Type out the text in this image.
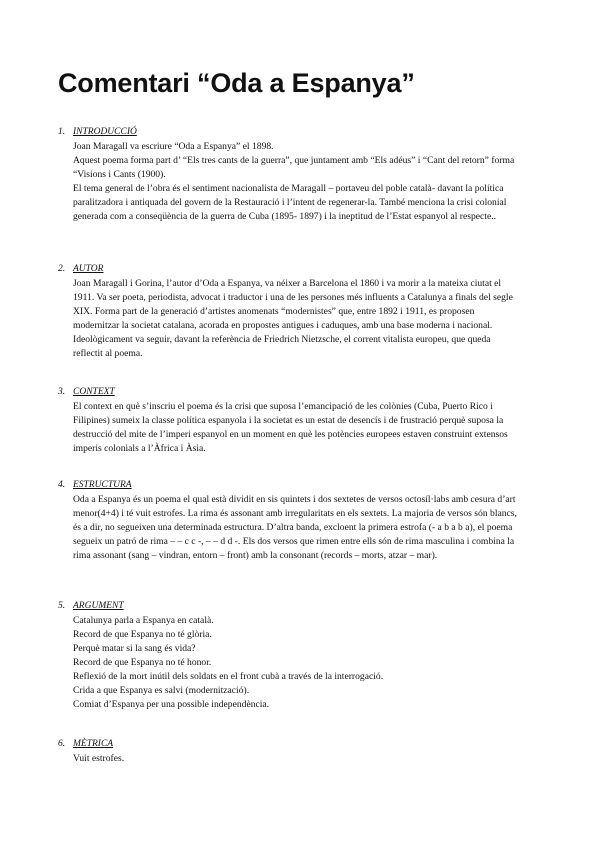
Comentari “Oda a Espanya”
1. INTRODUCCIÓ

Joan Maragall va escriure “Oda a Espanya” el 1898.

Aquest poema forma part d’ “Els tres cants de la guerra”, que juntament amb “Els adéus” i “Cant del retorn” forma “Visions i Cants (1900).

El tema general de l’obra és el sentiment nacionalista de Maragall – portaveu del poble català- davant la política paralitzadora i antiquada del govern de la Restauració i l’intent de regenerar-la. També menciona la crisi colonial generada com a conseqüència de la guerra de Cuba (1895- 1897) i la ineptitud de l’Estat espanyol al respecte..

2. AUTOR

Joan Maragall i Gorina, l’autor d’Oda a Espanya, va néixer a Barcelona el 1860 i va morir a la mateixa ciutat el 1911. Va ser poeta, periodista, advocat i traductor i una de les persones més influents a Catalunya a finals del segle XIX. Forma part de la generació d’artistes anomenats “modernistes” que, entre 1892 i 1911, es proposen modernitzar la societat catalana, acorada en propostes antigues i caduques, amb una base moderna i nacional. Ideològicament va seguir, davant la referència de Friedrich Nietzsche, el corrent vitalista europeu, que queda reflectit al poema.

3. CONTEXT

El context en què s’inscriu el poema és la crisi que suposa l’emancipació de les colònies (Cuba, Puerto Rico i Filipines) sumeix la classe política espanyola i la societat es un estat de desencís i de frustració perquè suposa la destrucció del mite de l’imperi espanyol en un moment en què les potències europees estaven construint extensos imperis colonials a l’Àfrica i Àsia.

4. ESTRUCTURA

Oda a Espanya és un poema el qual està dividit en sis quintets i dos sextetes de versos octosíl·labs amb cesura d’art menor(4+4) i té vuit estrofes. La rima és assonant amb irregularitats en els sextets. La majoria de versos són blancs, és a dir, no segueixen una determinada estructura. D’altra banda, excloent la primera estrofa (- a b a b a), el poema segueix un patró de rima – – c c -, – – d d -. Els dos versos que rimen entre ells són de rima masculina i combina la rima assonant (sang – vindran, entorn – front) amb la consonant (records – morts, atzar – mar).

5. ARGUMENT
Catalunya parla a Espanya en català.
Record de que Espanya no té glòria.
Perquè matar si la sang és vida?
Record de que Espanya no té honor.
Reflexió de la mort inútil dels soldats en el front cubà a través de la interrogació.
Crida a que Espanya es salvi (modernització).
Comiat d’Espanya per una possible independència.
6. MÈTRICA

Vuit estrofes.
